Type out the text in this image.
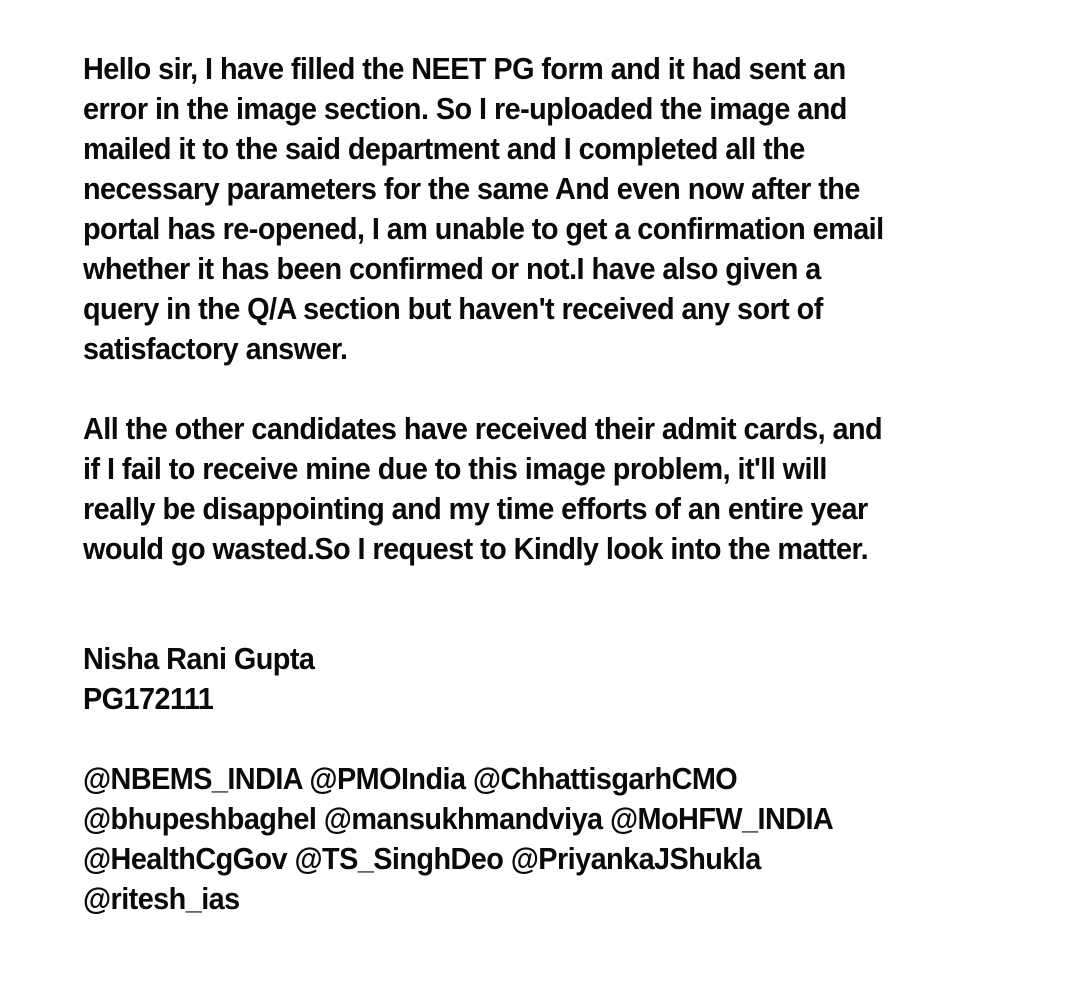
Hello sir, I have filled the NEET PG form and it had sent an
error in the image section. So I re-uploaded the image and
mailed it to the said department and I completed all the
necessary parameters for the same And even now after the
portal has re-opened, I am unable to get a confirmation email
whether it has been confirmed or not.I have also given a
query in the Q/A section but haven't received any sort of
satisfactory answer.

All the other candidates have received their admit cards, and
if I fail to receive mine due to this image problem, it'll will
really be disappointing and my time efforts of an entire year
would go wasted.So I request to Kindly look into the matter.

Nisha Rani Gupta
PG172111

@NBEMS_INDIA @PMOIndia @ChhattisgarhCMO
@bhupeshbaghel @mansukhmandviya @MoHFW_INDIA
@HealthCgGov @TS_SinghDeo @PriyankaJShukla
@ritesh_ias
